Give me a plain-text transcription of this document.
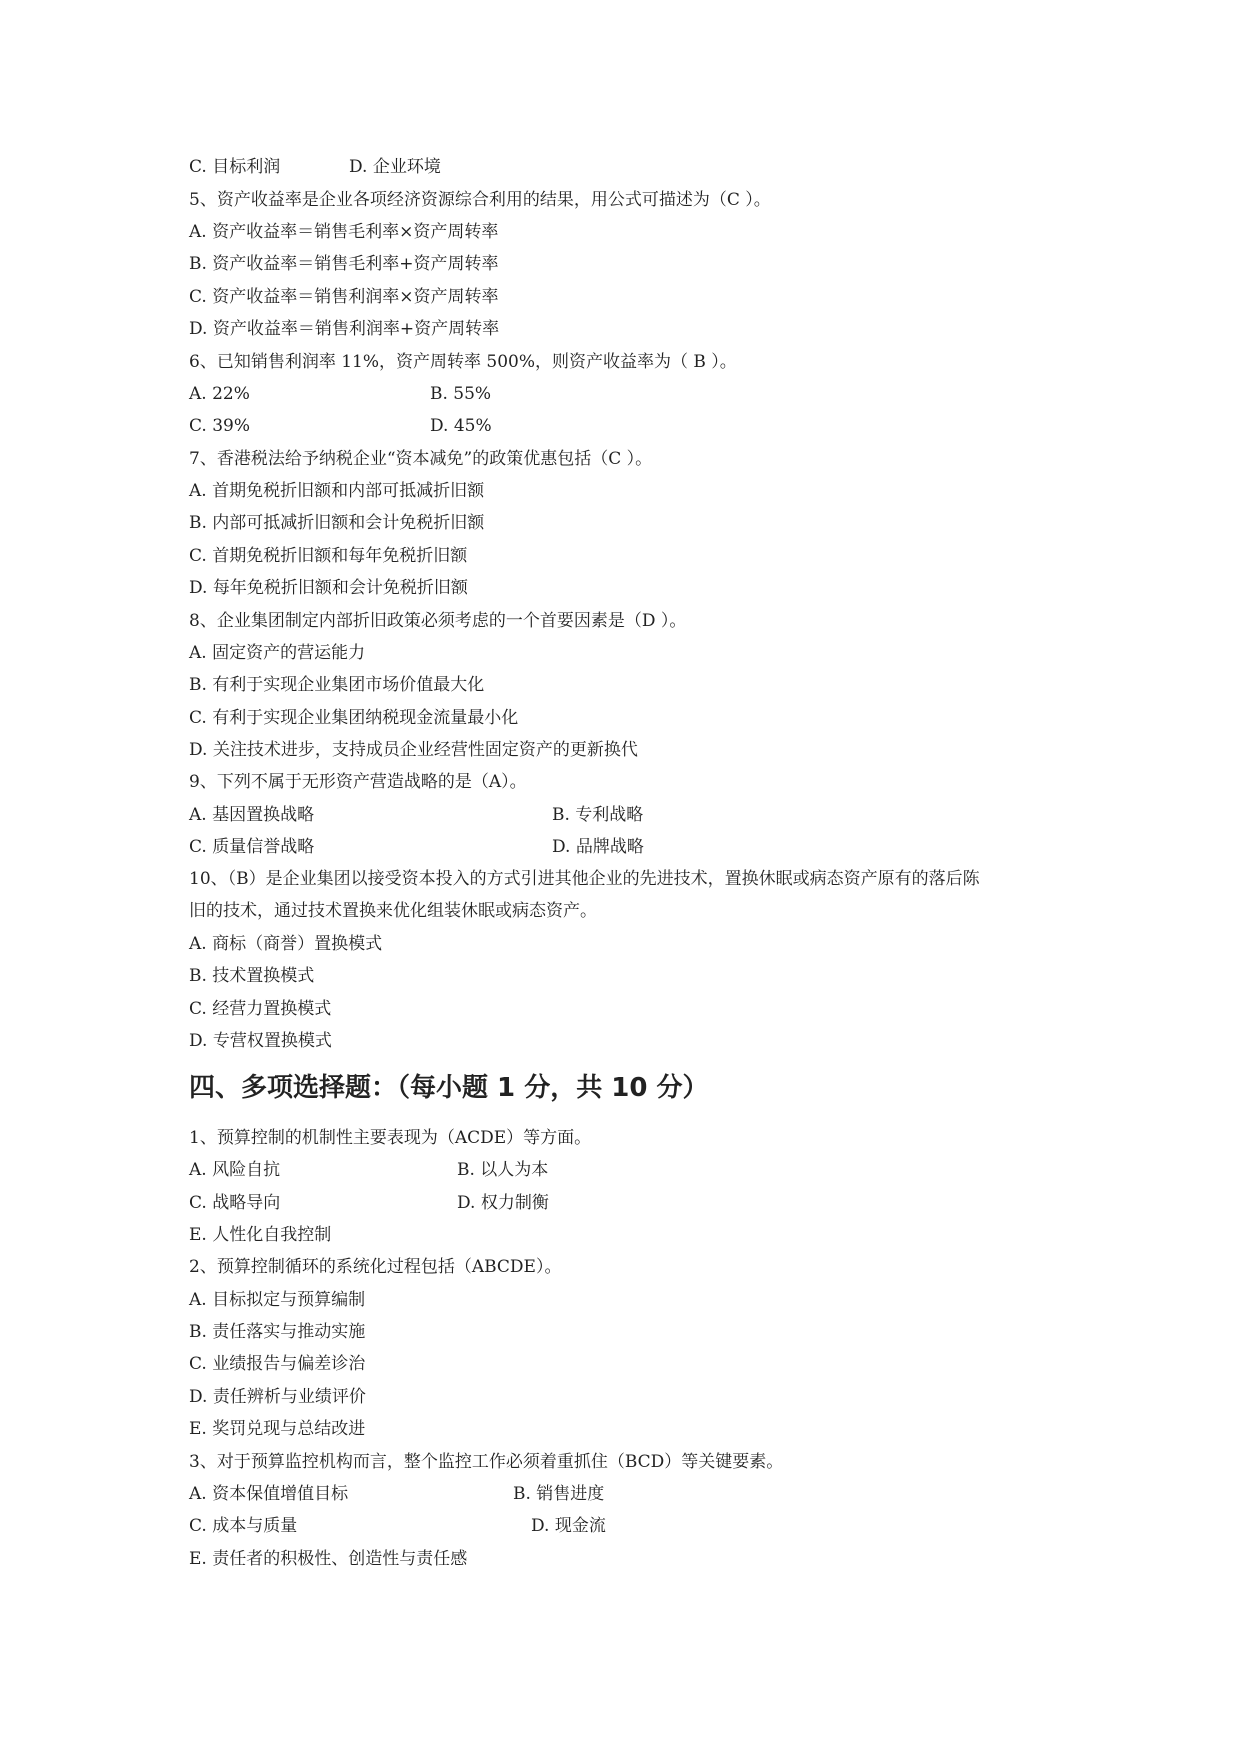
C. 目标利润	D. 企业环境
5、资产收益率是企业各项经济资源综合利用的结果，用公式可描述为（C ）。
A. 资产收益率＝销售毛利率×资产周转率
B. 资产收益率＝销售毛利率+资产周转率
C. 资产收益率＝销售利润率×资产周转率
D. 资产收益率＝销售利润率+资产周转率
6、已知销售利润率 11%，资产周转率 500%，则资产收益率为（ B ）。
A. 22%	B. 55%
C. 39%	D. 45%
7、香港税法给予纳税企业“资本减免”的政策优惠包括（C ）。
A. 首期免税折旧额和内部可抵减折旧额
B. 内部可抵减折旧额和会计免税折旧额
C. 首期免税折旧额和每年免税折旧额
D. 每年免税折旧额和会计免税折旧额
8、企业集团制定内部折旧政策必须考虑的一个首要因素是（D ）。
A. 固定资产的营运能力
B. 有利于实现企业集团市场价值最大化
C. 有利于实现企业集团纳税现金流量最小化
D. 关注技术进步，支持成员企业经营性固定资产的更新换代
9、下列不属于无形资产营造战略的是（A）。
A. 基因置换战略	B. 专利战略
C. 质量信誉战略	D. 品牌战略
10、（B）是企业集团以接受资本投入的方式引进其他企业的先进技术，置换休眠或病态资产原有的落后陈
旧的技术，通过技术置换来优化组装休眠或病态资产。
A. 商标（商誉）置换模式
B. 技术置换模式
C. 经营力置换模式
D. 专营权置换模式
四、多项选择题：（每小题 1 分，共 10 分）
1、预算控制的机制性主要表现为（ACDE）等方面。
A. 风险自抗	B. 以人为本
C. 战略导向	D. 权力制衡
E. 人性化自我控制
2、预算控制循环的系统化过程包括（ABCDE）。
A. 目标拟定与预算编制
B. 责任落实与推动实施
C. 业绩报告与偏差诊治
D. 责任辨析与业绩评价
E. 奖罚兑现与总结改进
3、对于预算监控机构而言，整个监控工作必须着重抓住（BCD）等关键要素。
A. 资本保值增值目标	B. 销售进度
C. 成本与质量	D. 现金流
E. 责任者的积极性、创造性与责任感
